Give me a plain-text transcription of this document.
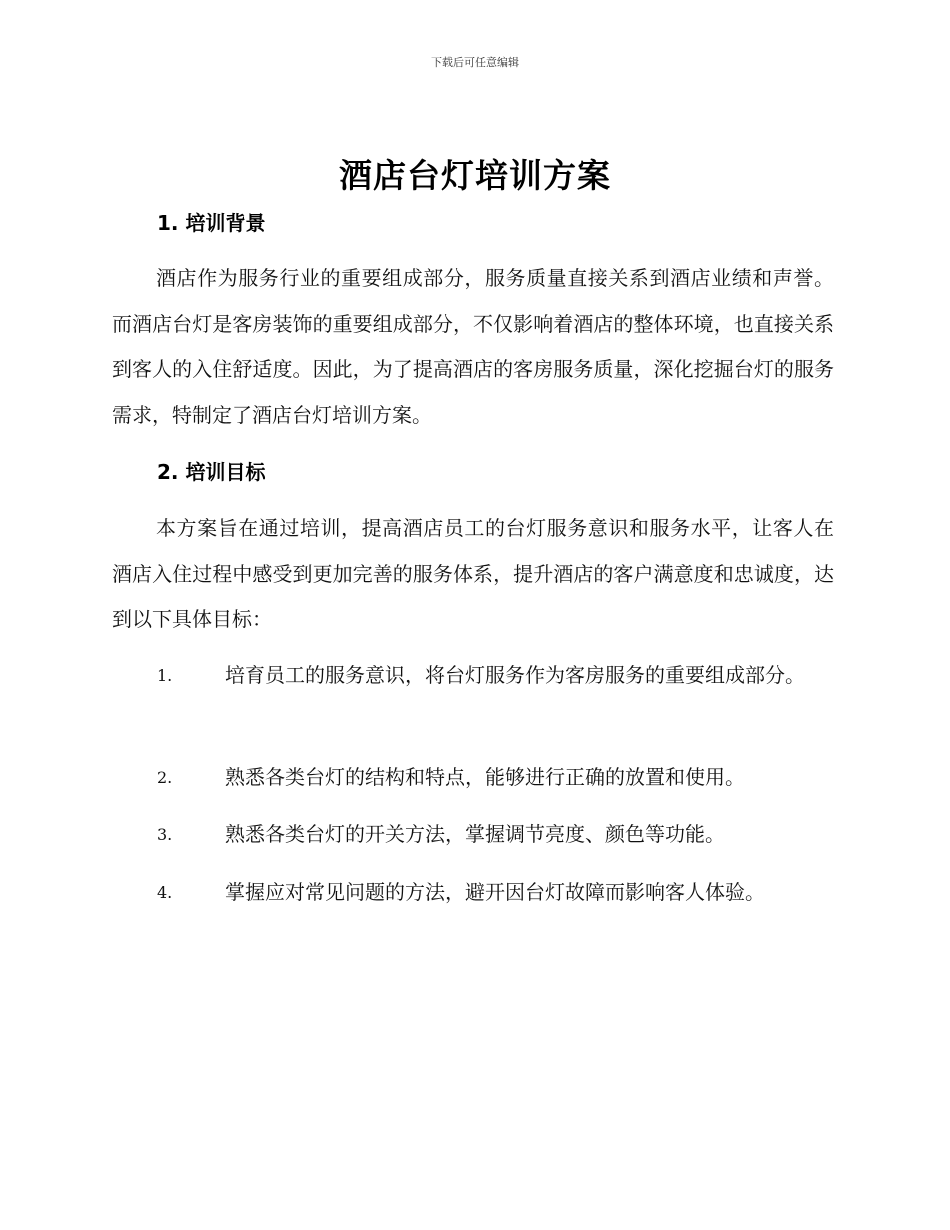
下载后可任意编辑
酒店台灯培训方案
1. 培训背景
酒店作为服务行业的重要组成部分，服务质量直接关系到酒店业绩和声誉。而酒店台灯是客房装饰的重要组成部分，不仅影响着酒店的整体环境，也直接关系到客人的入住舒适度。因此，为了提高酒店的客房服务质量，深化挖掘台灯的服务需求，特制定了酒店台灯培训方案。
2. 培训目标
本方案旨在通过培训，提高酒店员工的台灯服务意识和服务水平，让客人在酒店入住过程中感受到更加完善的服务体系，提升酒店的客户满意度和忠诚度，达到以下具体目标：
1.	培育员工的服务意识，将台灯服务作为客房服务的重要组成部分。
2.	熟悉各类台灯的结构和特点，能够进行正确的放置和使用。
3.	熟悉各类台灯的开关方法，掌握调节亮度、颜色等功能。
4.	掌握应对常见问题的方法，避开因台灯故障而影响客人体验。
